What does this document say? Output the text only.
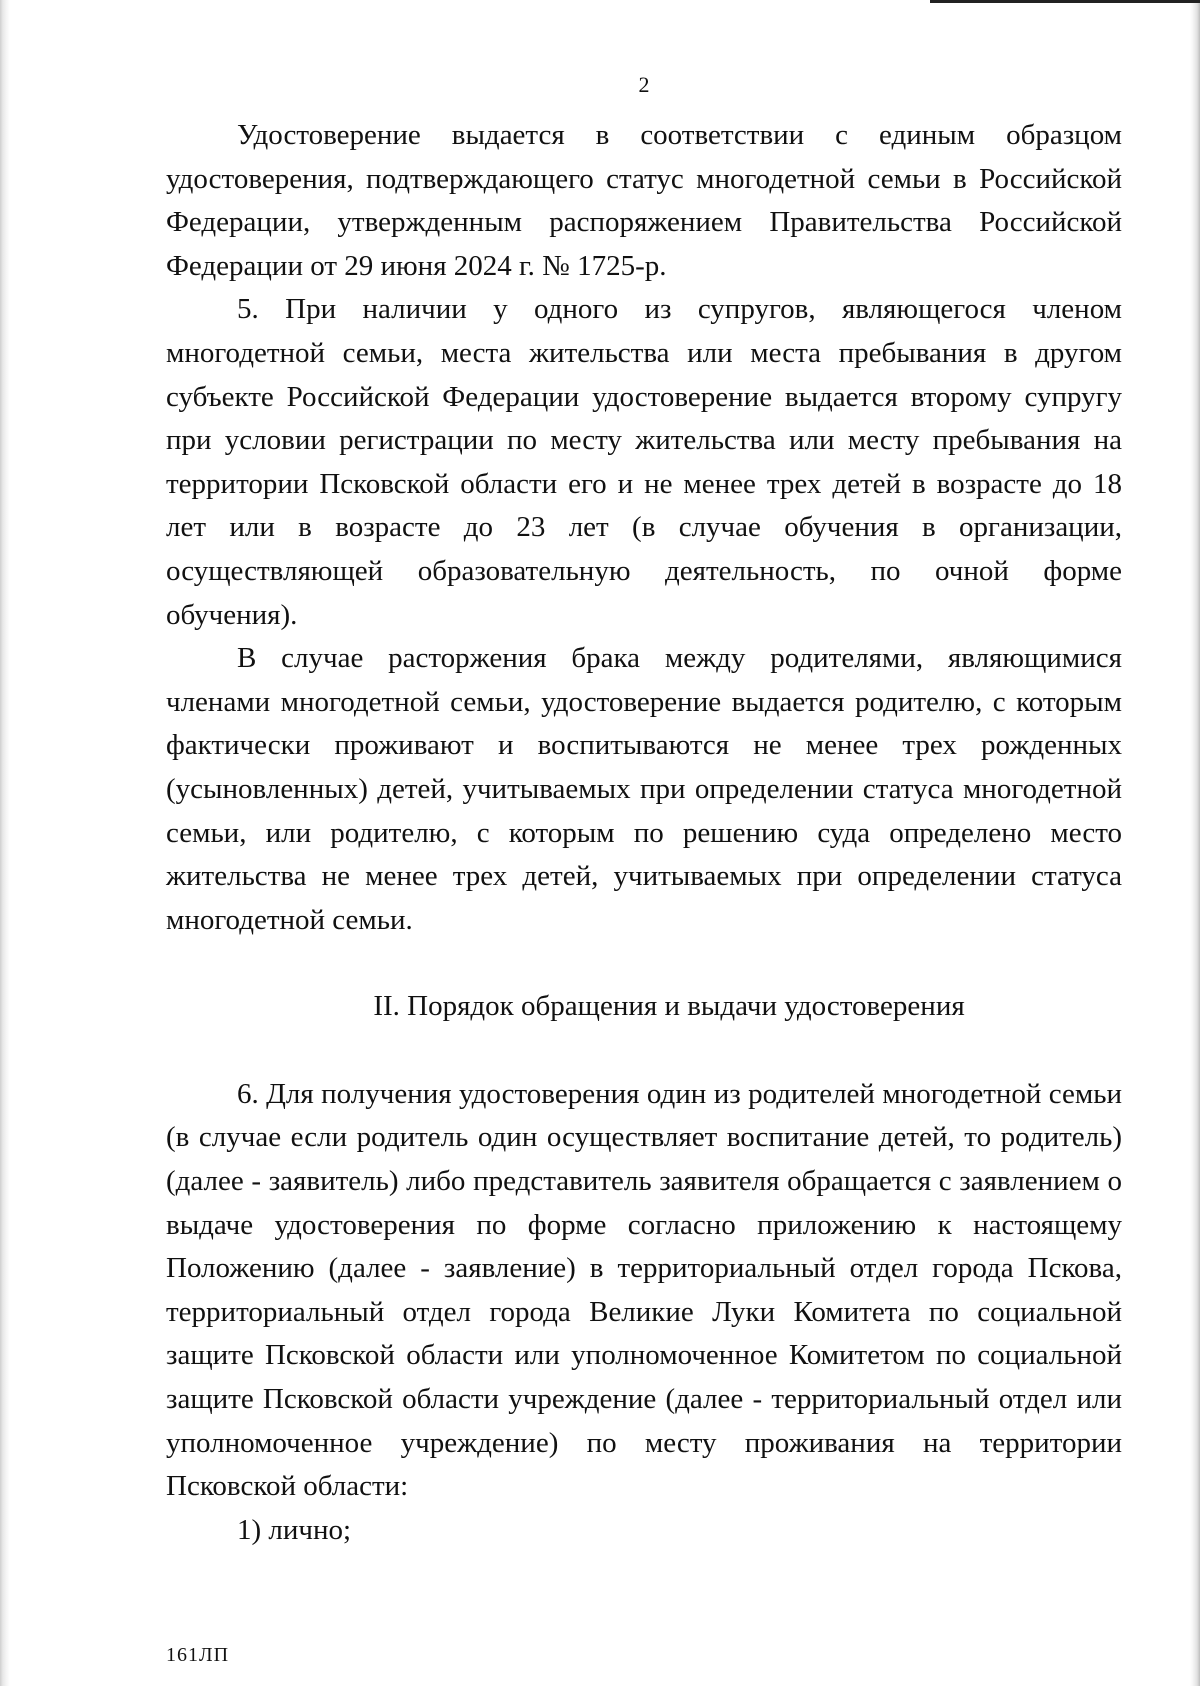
2

Удостоверение выдается в соответствии с единым образцом удостоверения, подтверждающего статус многодетной семьи в Российской Федерации, утвержденным распоряжением Правительства Российской Федерации от 29 июня 2024 г. № 1725-р.

5. При наличии у одного из супругов, являющегося членом многодетной семьи, места жительства или места пребывания в другом субъекте Российской Федерации удостоверение выдается второму супругу при условии регистрации по месту жительства или месту пребывания на территории Псковской области его и не менее трех детей в возрасте до 18 лет или в возрасте до 23 лет (в случае обучения в организации, осуществляющей образовательную деятельность, по очной форме обучения).

В случае расторжения брака между родителями, являющимися членами многодетной семьи, удостоверение выдается родителю, с которым фактически проживают и воспитываются не менее трех рожденных (усыновленных) детей, учитываемых при определении статуса многодетной семьи, или родителю, с которым по решению суда определено место жительства не менее трех детей, учитываемых при определении статуса многодетной семьи.

II. Порядок обращения и выдачи удостоверения

6. Для получения удостоверения один из родителей многодетной семьи (в случае если родитель один осуществляет воспитание детей, то родитель) (далее - заявитель) либо представитель заявителя обращается с заявлением о выдаче удостоверения по форме согласно приложению к настоящему Положению (далее - заявление) в территориальный отдел города Пскова, территориальный отдел города Великие Луки Комитета по социальной защите Псковской области или уполномоченное Комитетом по социальной защите Псковской области учреждение (далее - территориальный отдел или уполномоченное учреждение) по месту проживания на территории Псковской области:

1) лично;

161ЛП
